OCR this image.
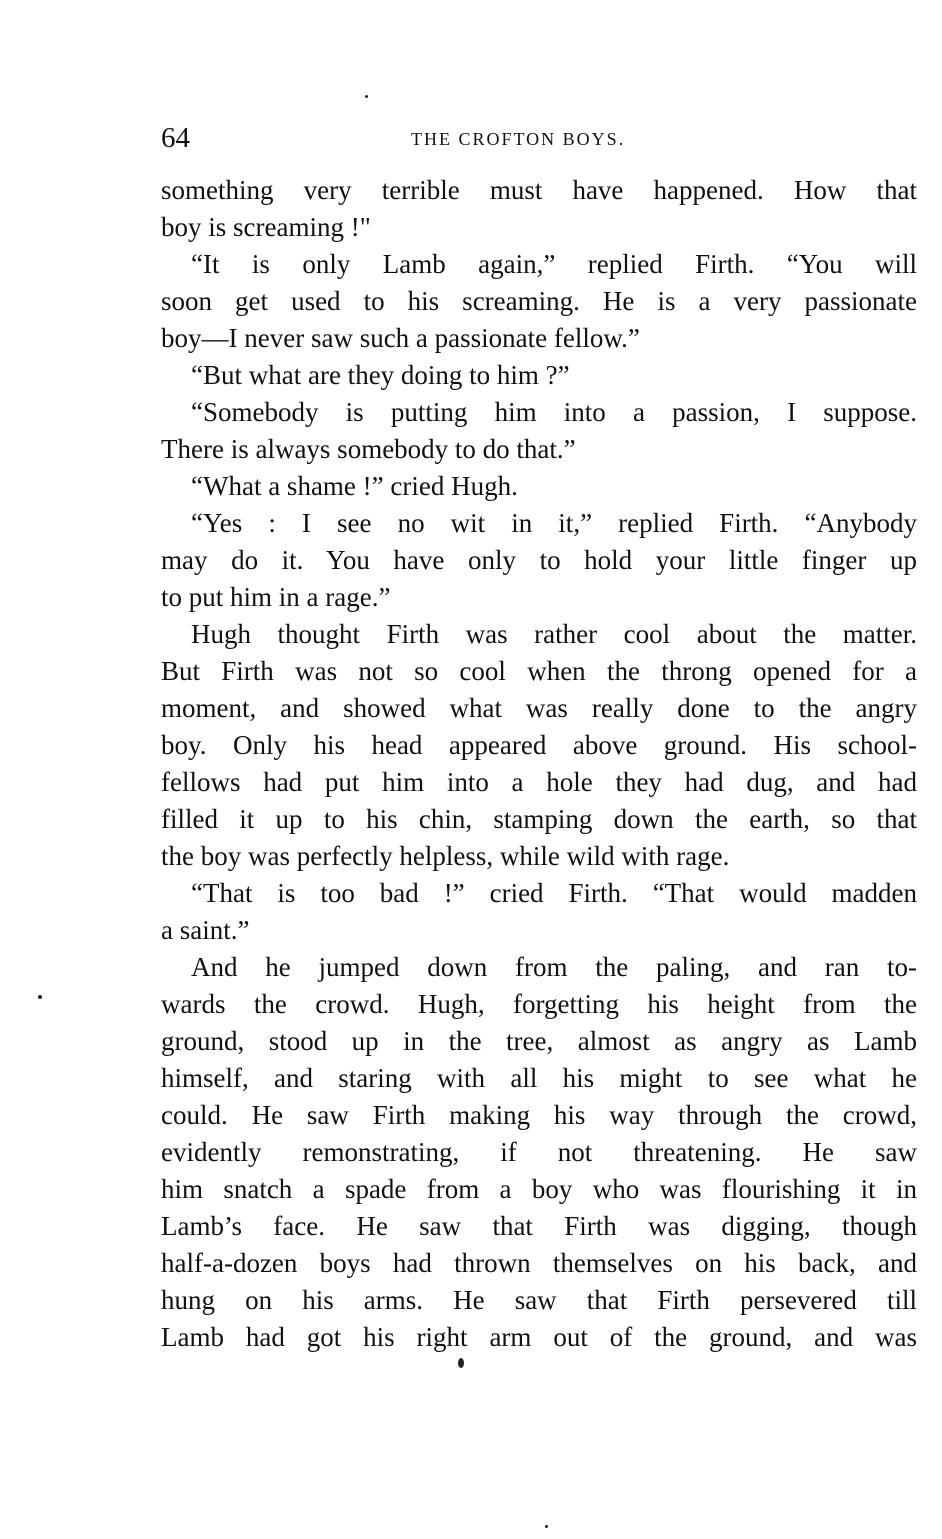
64	THE CROFTON BOYS.
something very terrible must have happened. How that
boy is screaming !"
“It is only Lamb again,” replied Firth. “You will
soon get used to his screaming. He is a very passionate
boy—I never saw such a passionate fellow.”
“But what are they doing to him ?”
“Somebody is putting him into a passion, I suppose.
There is always somebody to do that.”
“What a shame !” cried Hugh.
“Yes : I see no wit in it,” replied Firth. “Anybody
may do it. You have only to hold your little finger up
to put him in a rage.”
Hugh thought Firth was rather cool about the matter.
But Firth was not so cool when the throng opened for a
moment, and showed what was really done to the angry
boy. Only his head appeared above ground. His school-
fellows had put him into a hole they had dug, and had
filled it up to his chin, stamping down the earth, so that
the boy was perfectly helpless, while wild with rage.
“That is too bad !” cried Firth. “That would madden
a saint.”
And he jumped down from the paling, and ran to-
wards the crowd. Hugh, forgetting his height from the
ground, stood up in the tree, almost as angry as Lamb
himself, and staring with all his might to see what he
could. He saw Firth making his way through the crowd,
evidently remonstrating, if not threatening. He saw
him snatch a spade from a boy who was flourishing it in
Lamb’s face. He saw that Firth was digging, though
half-a-dozen boys had thrown themselves on his back, and
hung on his arms. He saw that Firth persevered till
Lamb had got his right arm out of the ground, and was
